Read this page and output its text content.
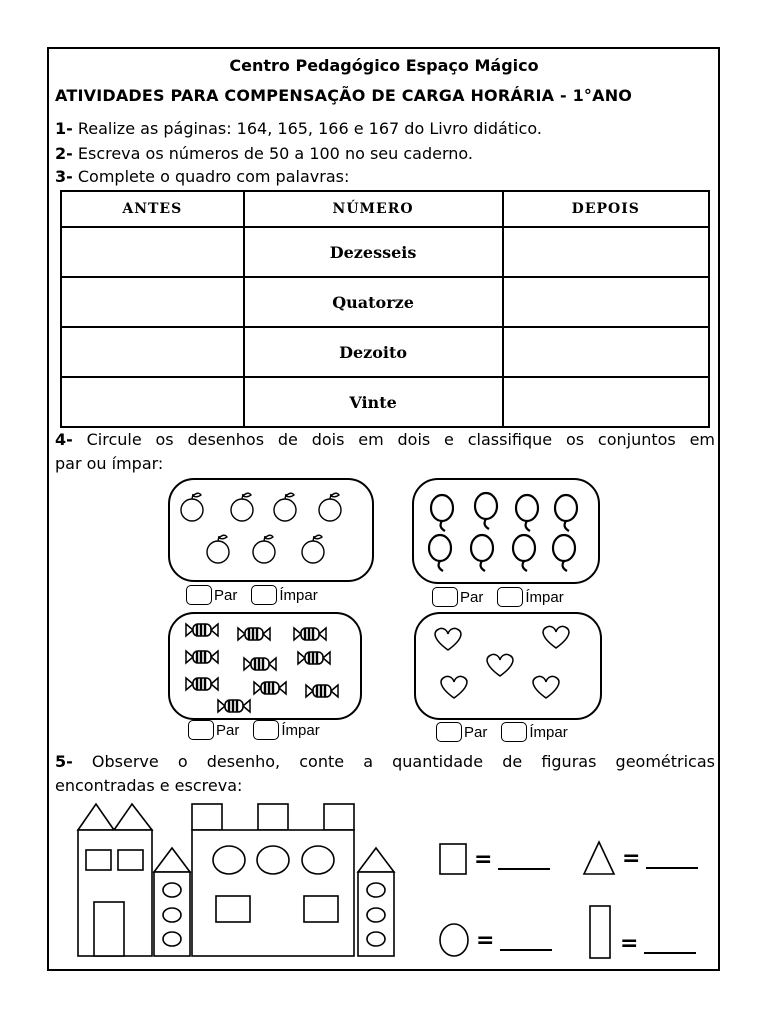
Centro Pedagógico Espaço Mágico
ATIVIDADES PARA COMPENSAÇÃO DE CARGA HORÁRIA - 1°ANO
1- Realize as páginas: 164, 165, 166 e 167 do Livro didático.
2- Escreva os números de 50 a 100 no seu caderno.
3- Complete o quadro com palavras:
ANTES	NÚMERO	DEPOIS
	Dezesseis	
	Quatorze	
	Dezoito	
	Vinte	
4- Circule os desenhos de dois em dois e classifique os conjuntos em
par ou ímpar:
Par	Ímpar	Par	Ímpar
Par	Ímpar	Par	Ímpar
5- Observe o desenho, conte a quantidade de figuras geométricas
encontradas e escreva:
=	=
=	=
